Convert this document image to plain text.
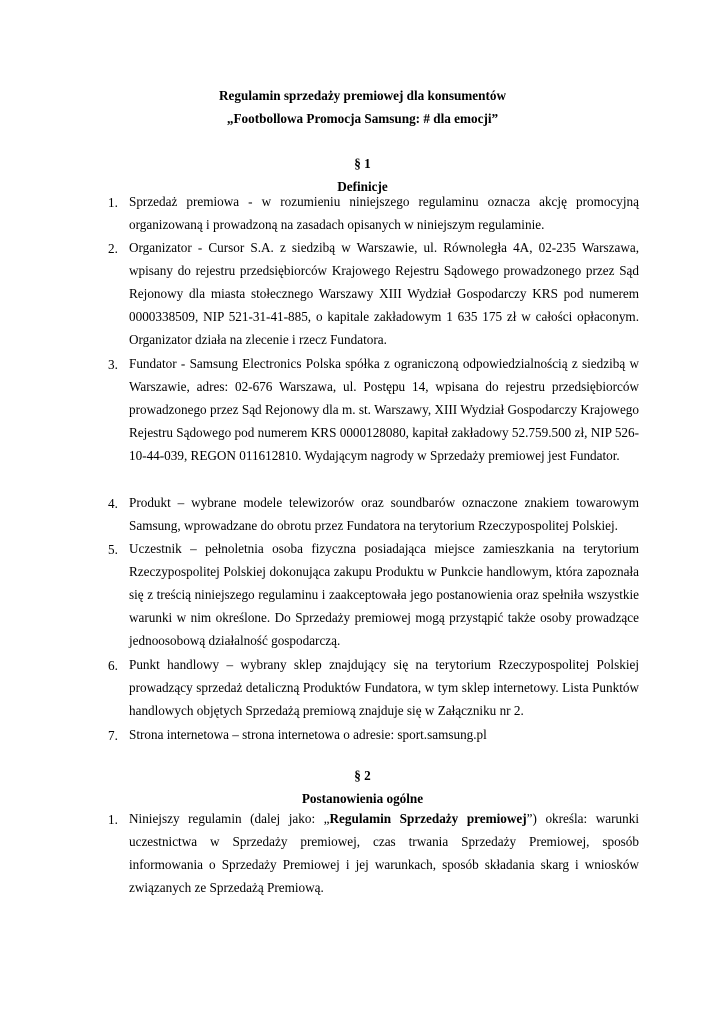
Regulamin sprzedaży premiowej dla konsumentów
„Footbollowa Promocja Samsung: # dla emocji”
§ 1
Definicje
1. Sprzedaż premiowa - w rozumieniu niniejszego regulaminu oznacza akcję promocyjną organizowaną i prowadzoną na zasadach opisanych w niniejszym regulaminie.
2. Organizator - Cursor S.A. z siedzibą w Warszawie, ul. Równoległa 4A, 02-235 Warszawa, wpisany do rejestru przedsiębiorców Krajowego Rejestru Sądowego prowadzonego przez Sąd Rejonowy dla miasta stołecznego Warszawy XIII Wydział Gospodarczy KRS pod numerem 0000338509, NIP 521-31-41-885, o kapitale zakładowym 1 635 175 zł w całości opłaconym. Organizator działa na zlecenie i rzecz Fundatora.
3. Fundator - Samsung Electronics Polska spółka z ograniczoną odpowiedzialnością z siedzibą w Warszawie, adres: 02-676 Warszawa, ul. Postępu 14, wpisana do rejestru przedsiębiorców prowadzonego przez Sąd Rejonowy dla m. st. Warszawy, XIII Wydział Gospodarczy Krajowego Rejestru Sądowego pod numerem KRS 0000128080, kapitał zakładowy 52.759.500 zł, NIP 526-10-44-039, REGON 011612810. Wydającym nagrody w Sprzedaży premiowej jest Fundator.
4. Produkt – wybrane modele telewizorów oraz soundbarów oznaczone znakiem towarowym Samsung, wprowadzane do obrotu przez Fundatora na terytorium Rzeczypospolitej Polskiej.
5. Uczestnik – pełnoletnia osoba fizyczna posiadająca miejsce zamieszkania na terytorium Rzeczypospolitej Polskiej dokonująca zakupu Produktu w Punkcie handlowym, która zapoznała się z treścią niniejszego regulaminu i zaakceptowała jego postanowienia oraz spełniła wszystkie warunki w nim określone. Do Sprzedaży premiowej mogą przystąpić także osoby prowadzące jednoosobową działalność gospodarczą.
6. Punkt handlowy – wybrany sklep znajdujący się na terytorium Rzeczypospolitej Polskiej prowadzący sprzedaż detaliczną Produktów Fundatora, w tym sklep internetowy. Lista Punktów handlowych objętych Sprzedażą premiową znajduje się w Załączniku nr 2.
7. Strona internetowa – strona internetowa o adresie: sport.samsung.pl
§ 2
Postanowienia ogólne
1. Niniejszy regulamin (dalej jako: „Regulamin Sprzedaży premiowej”) określa: warunki uczestnictwa w Sprzedaży premiowej, czas trwania Sprzedaży Premiowej, sposób informowania o Sprzedaży Premiowej i jej warunkach, sposób składania skarg i wniosków związanych ze Sprzedażą Premiową.
